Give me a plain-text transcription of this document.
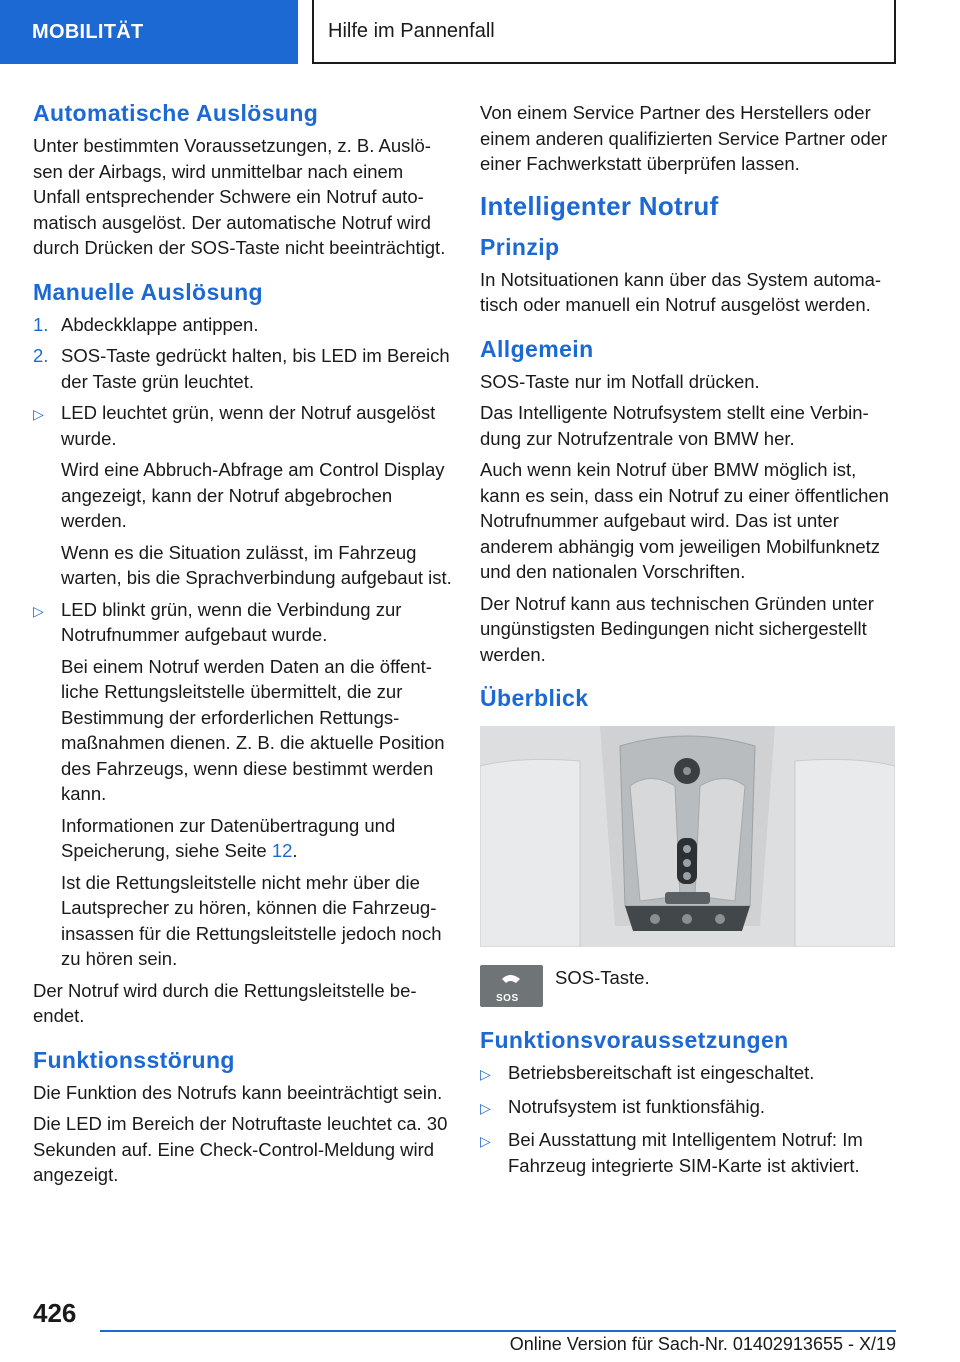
MOBILITÄT	Hilfe im Pannenfall
Automatische Auslösung

Unter bestimmten Voraussetzungen, z. B. Auslösen der Airbags, wird unmittelbar nach einem Unfall entsprechender Schwere ein Notruf automatisch ausgelöst. Der automatische Notruf wird durch Drücken der SOS-Taste nicht beeinträchtigt.

Manuelle Auslösung
1. Abdeckklappe antippen.
2. SOS-Taste gedrückt halten, bis LED im Bereich der Taste grün leuchtet.
▷ LED leuchtet grün, wenn der Notruf ausgelöst wurde.

Wird eine Abbruch-Abfrage am Control Display angezeigt, kann der Notruf abgebrochen werden.

Wenn es die Situation zulässt, im Fahrzeug warten, bis die Sprachverbindung aufgebaut ist.

▷ LED blinkt grün, wenn die Verbindung zur Notrufnummer aufgebaut wurde.

Bei einem Notruf werden Daten an die öffentliche Rettungsleitstelle übermittelt, die zur Bestimmung der erforderlichen Rettungsmaßnahmen dienen. Z. B. die aktuelle Position des Fahrzeugs, wenn diese bestimmt werden kann.

Informationen zur Datenübertragung und Speicherung, siehe Seite 12.

Ist die Rettungsleitstelle nicht mehr über die Lautsprecher zu hören, können die Fahrzeuginsassen für die Rettungsleitstelle jedoch noch zu hören sein.

Der Notruf wird durch die Rettungsleitstelle beendet.

Funktionsstörung

Die Funktion des Notrufs kann beeinträchtigt sein.

Die LED im Bereich der Notruftaste leuchtet ca. 30 Sekunden auf. Eine Check-Control-Meldung wird angezeigt.

Von einem Service Partner des Herstellers oder einem anderen qualifizierten Service Partner oder einer Fachwerkstatt überprüfen lassen.

Intelligenter Notruf
Prinzip

In Notsituationen kann über das System automatisch oder manuell ein Notruf ausgelöst werden.

Allgemein

SOS-Taste nur im Notfall drücken.

Das Intelligente Notrufsystem stellt eine Verbindung zur Notrufzentrale von BMW her.

Auch wenn kein Notruf über BMW möglich ist, kann es sein, dass ein Notruf zu einer öffentlichen Notrufnummer aufgebaut wird. Das ist unter anderem abhängig vom jeweiligen Mobilfunknetz und den nationalen Vorschriften.

Der Notruf kann aus technischen Gründen unter ungünstigsten Bedingungen nicht sichergestellt werden.

Überblick
SOS

SOS-Taste.

Funktionsvoraussetzungen
▷ Betriebsbereitschaft ist eingeschaltet.
▷ Notrufsystem ist funktionsfähig.
▷ Bei Ausstattung mit Intelligentem Notruf: Im Fahrzeug integrierte SIM-Karte ist aktiviert.
426
Online Version für Sach-Nr. 01402913655 - X/19
